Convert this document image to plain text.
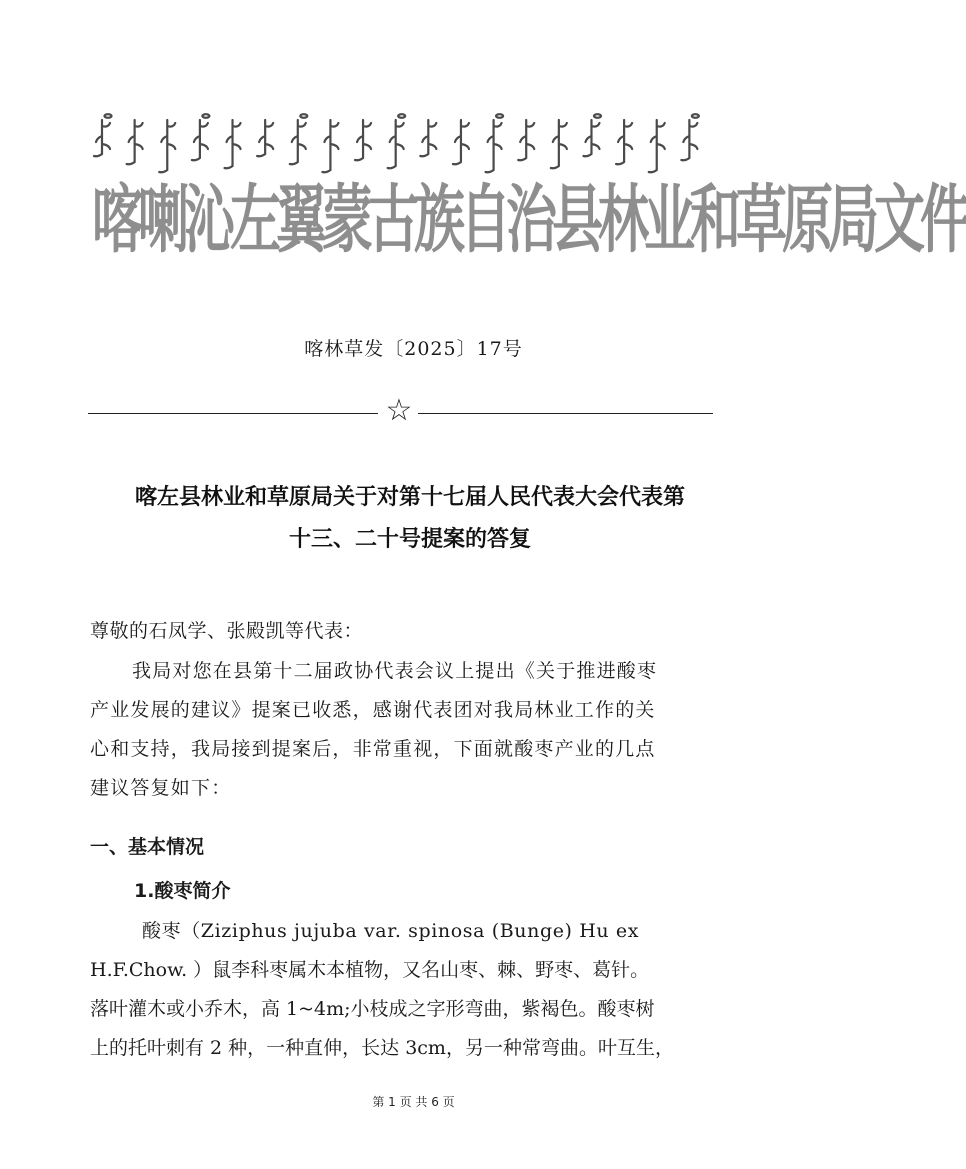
喀喇沁左翼蒙古族自治县林业和草原局文件
喀林草发〔2025〕17号
☆
喀左县林业和草原局关于对第十七届人民代表大会代表第
十三、二十号提案的答复
尊敬的石凤学、张殿凯等代表：
我局对您在县第十二届政协代表会议上提出《关于推进酸枣
产业发展的建议》提案已收悉，感谢代表团对我局林业工作的关
心和支持，我局接到提案后，非常重视，下面就酸枣产业的几点
建议答复如下：
一、基本情况
1.酸枣简介
酸枣（Ziziphus jujuba var. spinosa (Bunge) Hu ex
H.F.Chow. ）鼠李科枣属木本植物，又名山枣、棘、野枣、葛针。
落叶灌木或小乔木，高 1~4m;小枝成之字形弯曲，紫褐色。酸枣树
上的托叶刺有 2 种，一种直伸，长达 3cm，另一种常弯曲。叶互生，
第 1 页 共 6 页
